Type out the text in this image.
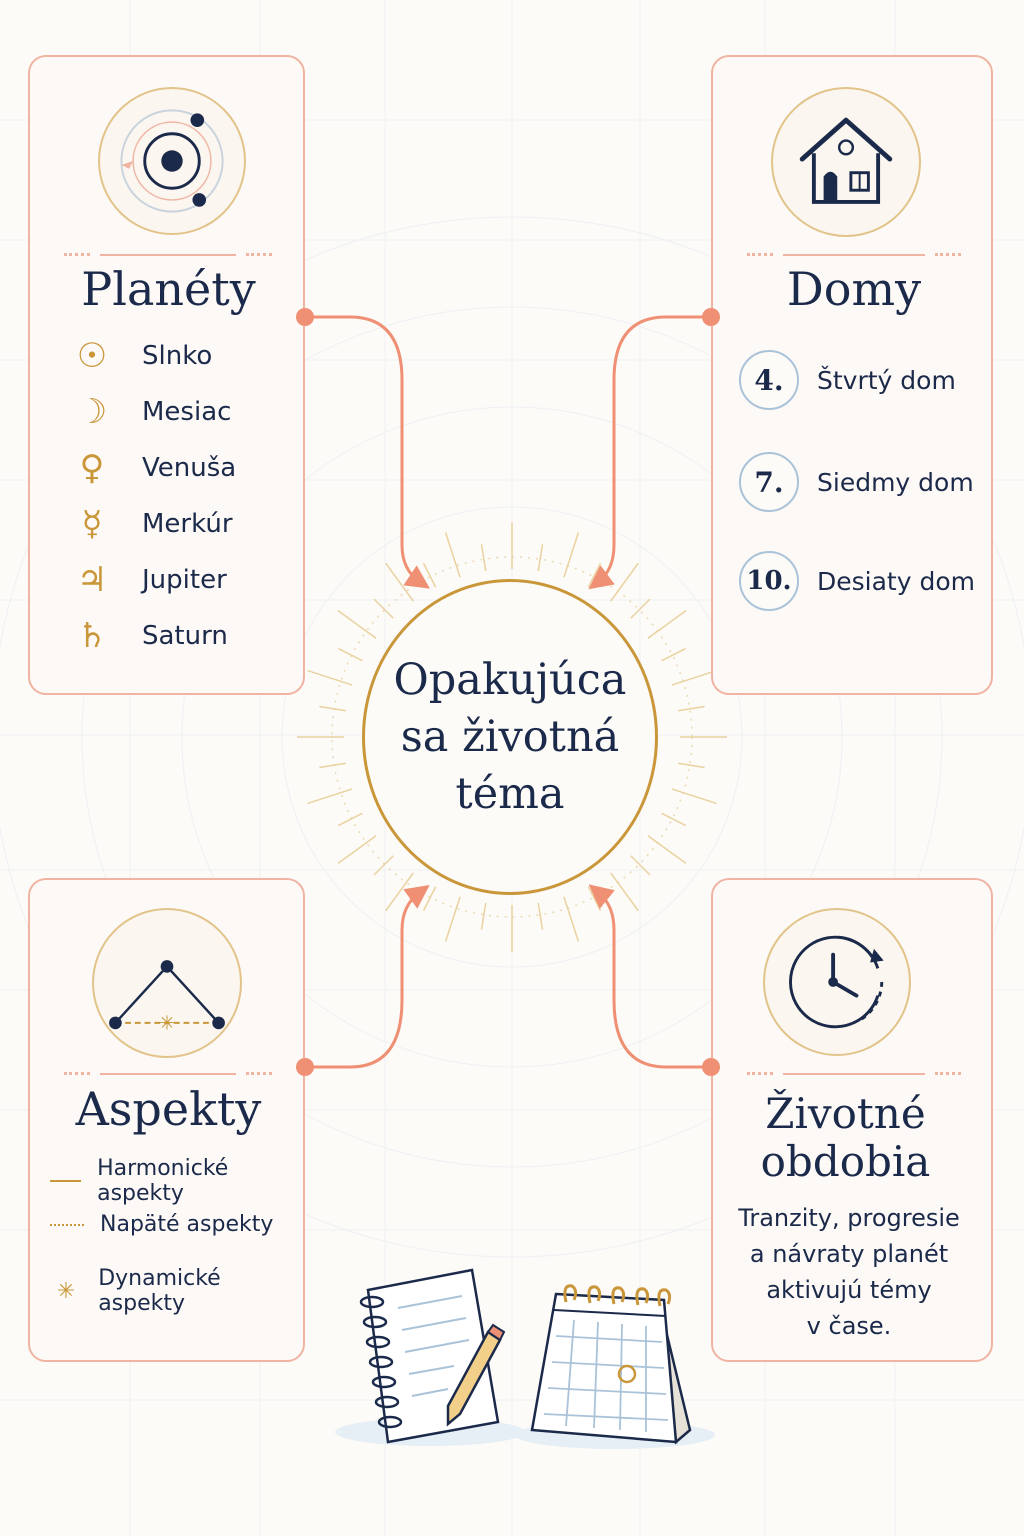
Opakujúca
sa životná
téma
Planéty
☉ Slnko
☽ Mesiac
♀ Venuša
☿	Merkúr
♃ Jupiter
♄ Saturn
Domy
4.	Štvrtý dom
7.	Siedmy dom
10. Desiaty dom
✳
Aspekty
Harmonické aspekty
Napäté aspekty
✳	Dynamické aspekty
Životné
obdobia
Tranzity, progresie
a návraty planét
aktivujú témy
v čase.
